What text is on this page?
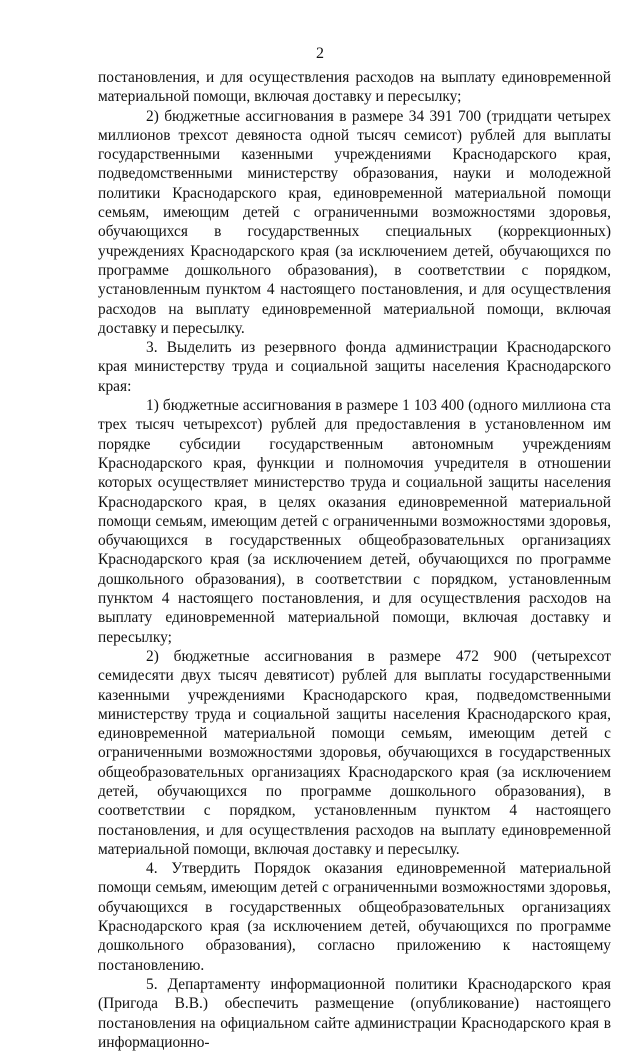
2

постановления, и для осуществления расходов на выплату единовременной материальной помощи, включая доставку и пересылку;

2) бюджетные ассигнования в размере 34 391 700 (тридцати четырех миллионов трехсот девяноста одной тысяч семисот) рублей для выплаты государственными казенными учреждениями Краснодарского края, подведомственными министерству образования, науки и молодежной политики Краснодарского края, единовременной материальной помощи семьям, имеющим детей с ограниченными возможностями здоровья, обучающихся в государственных специальных (коррекционных) учреждениях Краснодарского края (за исключением детей, обучающихся по программе дошкольного образования), в соответствии с порядком, установленным пунктом 4 настоящего постановления, и для осуществления расходов на выплату единовременной материальной помощи, включая доставку и пересылку.

3. Выделить из резервного фонда администрации Краснодарского края министерству труда и социальной защиты населения Краснодарского края:

1) бюджетные ассигнования в размере 1 103 400 (одного миллиона ста трех тысяч четырехсот) рублей для предоставления в установленном им порядке субсидии государственным автономным учреждениям Краснодарского края, функции и полномочия учредителя в отношении которых осуществляет министерство труда и социальной защиты населения Краснодарского края, в целях оказания единовременной материальной помощи семьям, имеющим детей с ограниченными возможностями здоровья, обучающихся в государственных общеобразовательных организациях Краснодарского края (за исключением детей, обучающихся по программе дошкольного образования), в соответствии с порядком, установленным пунктом 4 настоящего постановления, и для осуществления расходов на выплату единовременной материальной помощи, включая доставку и пересылку;

2) бюджетные ассигнования в размере 472 900 (четырехсот семидесяти двух тысяч девятисот) рублей для выплаты государственными казенными учреждениями Краснодарского края, подведомственными министерству труда и социальной защиты населения Краснодарского края, единовременной материальной помощи семьям, имеющим детей с ограниченными возможностями здоровья, обучающихся в государственных общеобразовательных организациях Краснодарского края (за исключением детей, обучающихся по программе дошкольного образования), в соответствии с порядком, установленным пунктом 4 настоящего постановления, и для осуществления расходов на выплату единовременной материальной помощи, включая доставку и пересылку.

4. Утвердить Порядок оказания единовременной материальной помощи семьям, имеющим детей с ограниченными возможностями здоровья, обучающихся в государственных общеобразовательных организациях Краснодарского края (за исключением детей, обучающихся по программе дошкольного образования), согласно приложению к настоящему постановлению.

5. Департаменту информационной политики Краснодарского края (Пригода В.В.) обеспечить размещение (опубликование) настоящего постановления на официальном сайте администрации Краснодарского края в информационно-
